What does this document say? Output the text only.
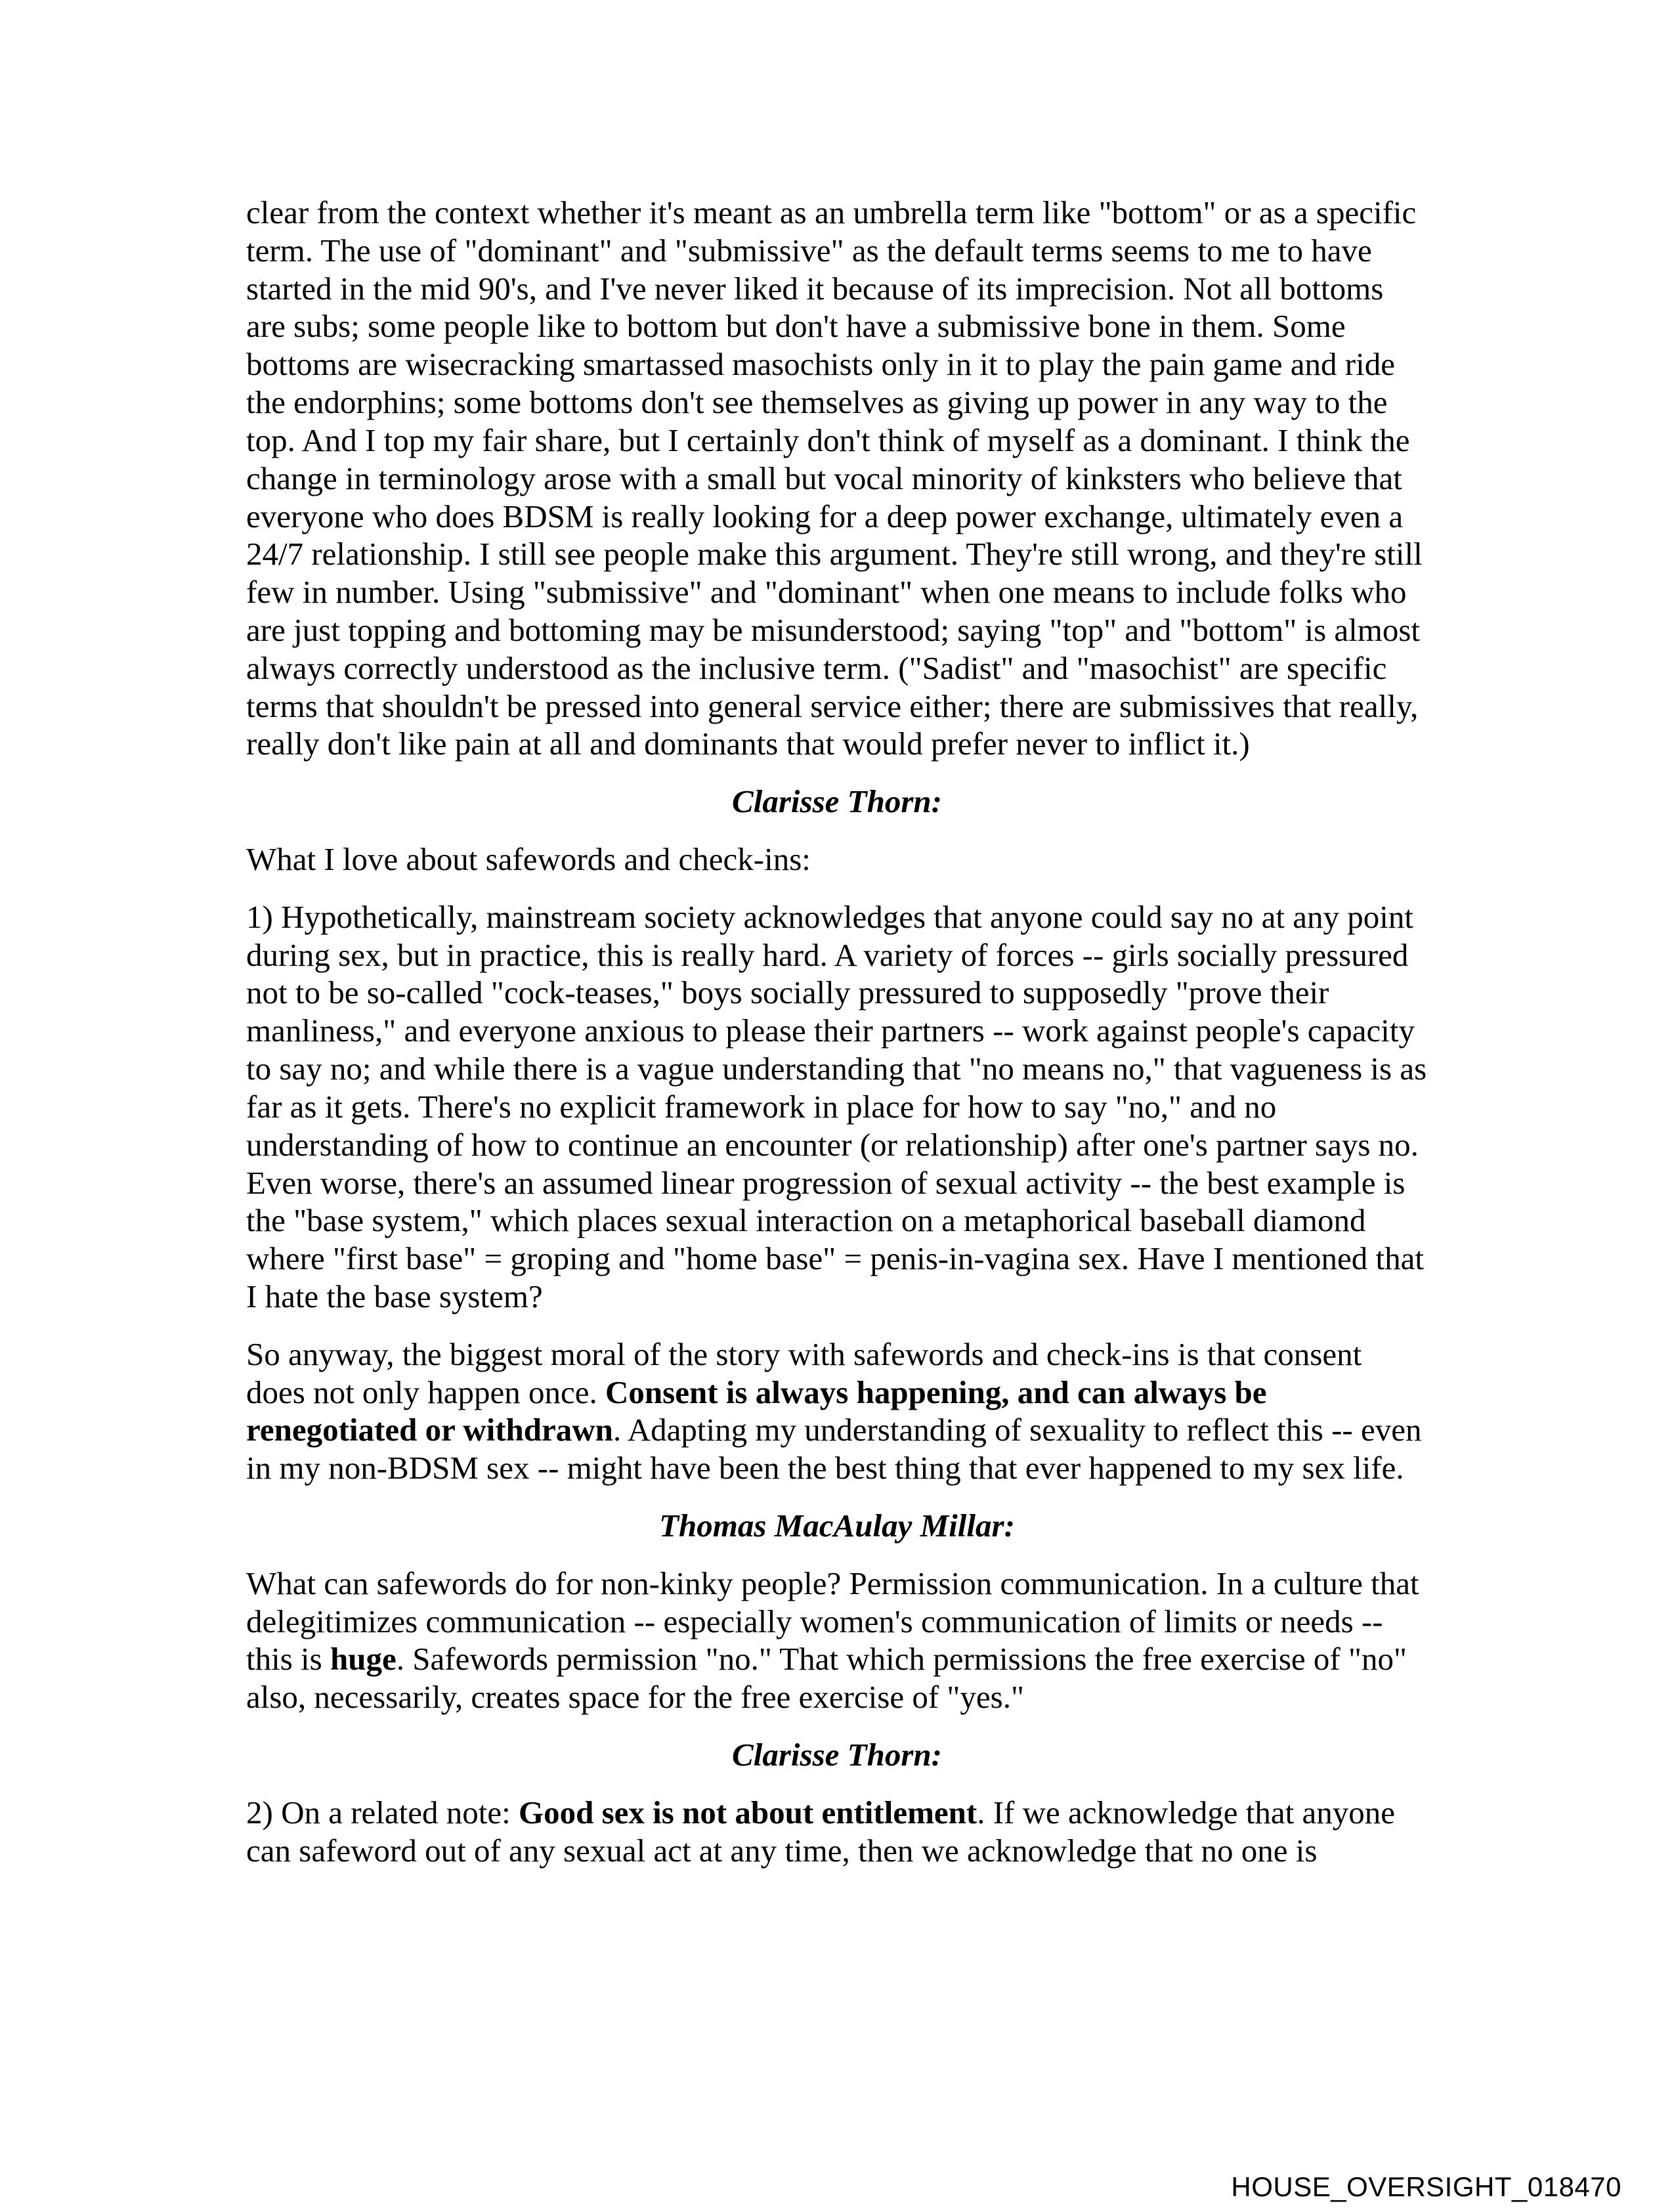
clear from the context whether it's meant as an umbrella term like "bottom" or as a specific term. The use of "dominant" and "submissive" as the default terms seems to me to have started in the mid 90's, and I've never liked it because of its imprecision. Not all bottoms are subs; some people like to bottom but don't have a submissive bone in them. Some bottoms are wisecracking smartassed masochists only in it to play the pain game and ride the endorphins; some bottoms don't see themselves as giving up power in any way to the top. And I top my fair share, but I certainly don't think of myself as a dominant. I think the change in terminology arose with a small but vocal minority of kinksters who believe that everyone who does BDSM is really looking for a deep power exchange, ultimately even a 24/7 relationship. I still see people make this argument. They're still wrong, and they're still few in number. Using "submissive" and "dominant" when one means to include folks who are just topping and bottoming may be misunderstood; saying "top" and "bottom" is almost always correctly understood as the inclusive term. ("Sadist" and "masochist" are specific terms that shouldn't be pressed into general service either; there are submissives that really, really don't like pain at all and dominants that would prefer never to inflict it.)

Clarisse Thorn:

What I love about safewords and check-ins:

1) Hypothetically, mainstream society acknowledges that anyone could say no at any point during sex, but in practice, this is really hard. A variety of forces -- girls socially pressured not to be so-called "cock-teases," boys socially pressured to supposedly "prove their manliness," and everyone anxious to please their partners -- work against people's capacity to say no; and while there is a vague understanding that "no means no," that vagueness is as far as it gets. There's no explicit framework in place for how to say "no," and no understanding of how to continue an encounter (or relationship) after one's partner says no. Even worse, there's an assumed linear progression of sexual activity -- the best example is the "base system," which places sexual interaction on a metaphorical baseball diamond where "first base" = groping and "home base" = penis-in-vagina sex. Have I mentioned that I hate the base system?

So anyway, the biggest moral of the story with safewords and check-ins is that consent does not only happen once. Consent is always happening, and can always be renegotiated or withdrawn. Adapting my understanding of sexuality to reflect this -- even in my non-BDSM sex -- might have been the best thing that ever happened to my sex life.

Thomas MacAulay Millar:

What can safewords do for non-kinky people? Permission communication. In a culture that delegitimizes communication -- especially women's communication of limits or needs -- this is huge. Safewords permission "no." That which permissions the free exercise of "no" also, necessarily, creates space for the free exercise of "yes."

Clarisse Thorn:

2) On a related note: Good sex is not about entitlement. If we acknowledge that anyone can safeword out of any sexual act at any time, then we acknowledge that no one is

HOUSE_OVERSIGHT_018470
